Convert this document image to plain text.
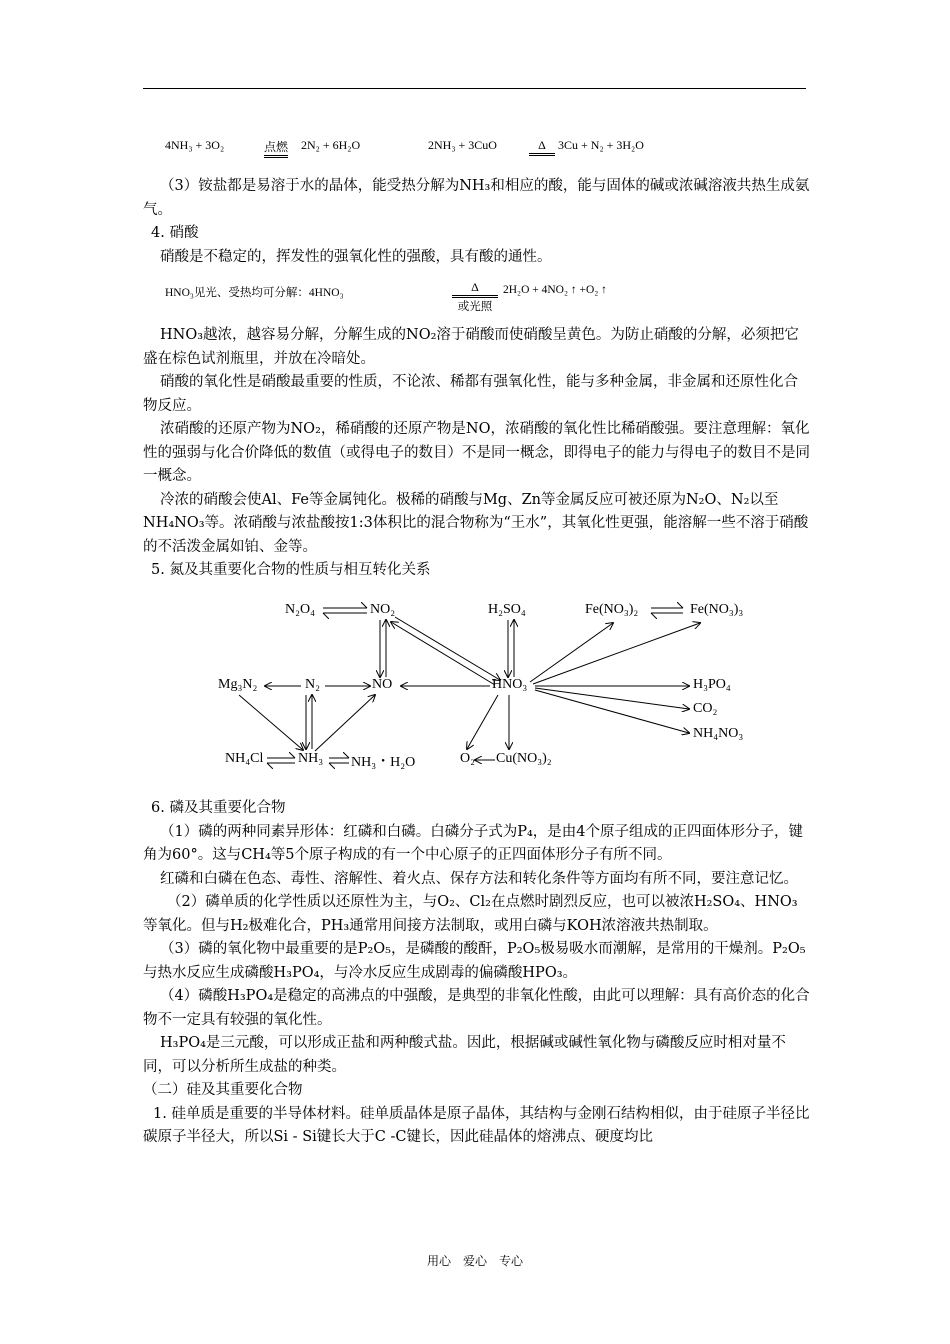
4NH₃ + 3O₂	点燃 2N₂ + 6H₂O	2NH₃ + 3CuO	Δ	3Cu + N₂ + 3H₂O

（3）铵盐都是易溶于水的晶体，能受热分解为NH₃和相应的酸，能与固体的碱或浓碱溶液共热生成氨气。

4. 硝酸

硝酸是不稳定的，挥发性的强氧化性的强酸，具有酸的通性。

HNO₃见光、受热均可分解：4HNO₃	Δ
或光照
2H₂O + 4NO₂ ↑ +O₂ ↑

HNO₃越浓，越容易分解，分解生成的NO₂溶于硝酸而使硝酸呈黄色。为防止硝酸的分解，必须把它盛在棕色试剂瓶里，并放在冷暗处。

硝酸的氧化性是硝酸最重要的性质，不论浓、稀都有强氧化性，能与多种金属，非金属和还原性化合物反应。

浓硝酸的还原产物为NO₂，稀硝酸的还原产物是NO，浓硝酸的氧化性比稀硝酸强。要注意理解：氧化性的强弱与化合价降低的数值（或得电子的数目）不是同一概念，即得电子的能力与得电子的数目不是同一概念。

冷浓的硝酸会使Al、Fe等金属钝化。极稀的硝酸与Mg、Zn等金属反应可被还原为N₂O、N₂以至NH₄NO₃等。浓硝酸与浓盐酸按1:3体积比的混合物称为“王水”，其氧化性更强，能溶解一些不溶于硝酸的不活泼金属如铂、金等。

5. 氮及其重要化合物的性质与相互转化关系

N₂O₄	NO₂	H₂SO₄	Fe(NO₃)₂	Fe(NO₃)₃
Mg₃N₂	N₂	NO	HNO₃	H₃PO₄
CO₂
NH₄NO₃
NH₄Cl NH₃ NH₃・H₂O	O₂ Cu(NO₃)₂

6. 磷及其重要化合物

（1）磷的两种同素异形体：红磷和白磷。白磷分子式为P₄，是由4个原子组成的正四面体形分子，键角为60°。这与CH₄等5个原子构成的有一个中心原子的正四面体形分子有所不同。

红磷和白磷在色态、毒性、溶解性、着火点、保存方法和转化条件等方面均有所不同，要注意记忆。

（2）磷单质的化学性质以还原性为主，与O₂、Cl₂在点燃时剧烈反应，也可以被浓H₂SO₄、HNO₃等氧化。但与H₂极难化合，PH₃通常用间接方法制取，或用白磷与KOH浓溶液共热制取。

（3）磷的氧化物中最重要的是P₂O₅，是磷酸的酸酐，P₂O₅极易吸水而潮解，是常用的干燥剂。P₂O₅与热水反应生成磷酸H₃PO₄，与冷水反应生成剧毒的偏磷酸HPO₃。

（4）磷酸H₃PO₄是稳定的高沸点的中强酸，是典型的非氧化性酸，由此可以理解：具有高价态的化合物不一定具有较强的氧化性。

H₃PO₄是三元酸，可以形成正盐和两种酸式盐。因此，根据碱或碱性氧化物与磷酸反应时相对量不同，可以分析所生成盐的种类。

（二）硅及其重要化合物

1. 硅单质是重要的半导体材料。硅单质晶体是原子晶体，其结构与金刚石结构相似，由于硅原子半径比碳原子半径大，所以Si - Si键长大于C -C键长，因此硅晶体的熔沸点、硬度均比

用心　爱心　专心
